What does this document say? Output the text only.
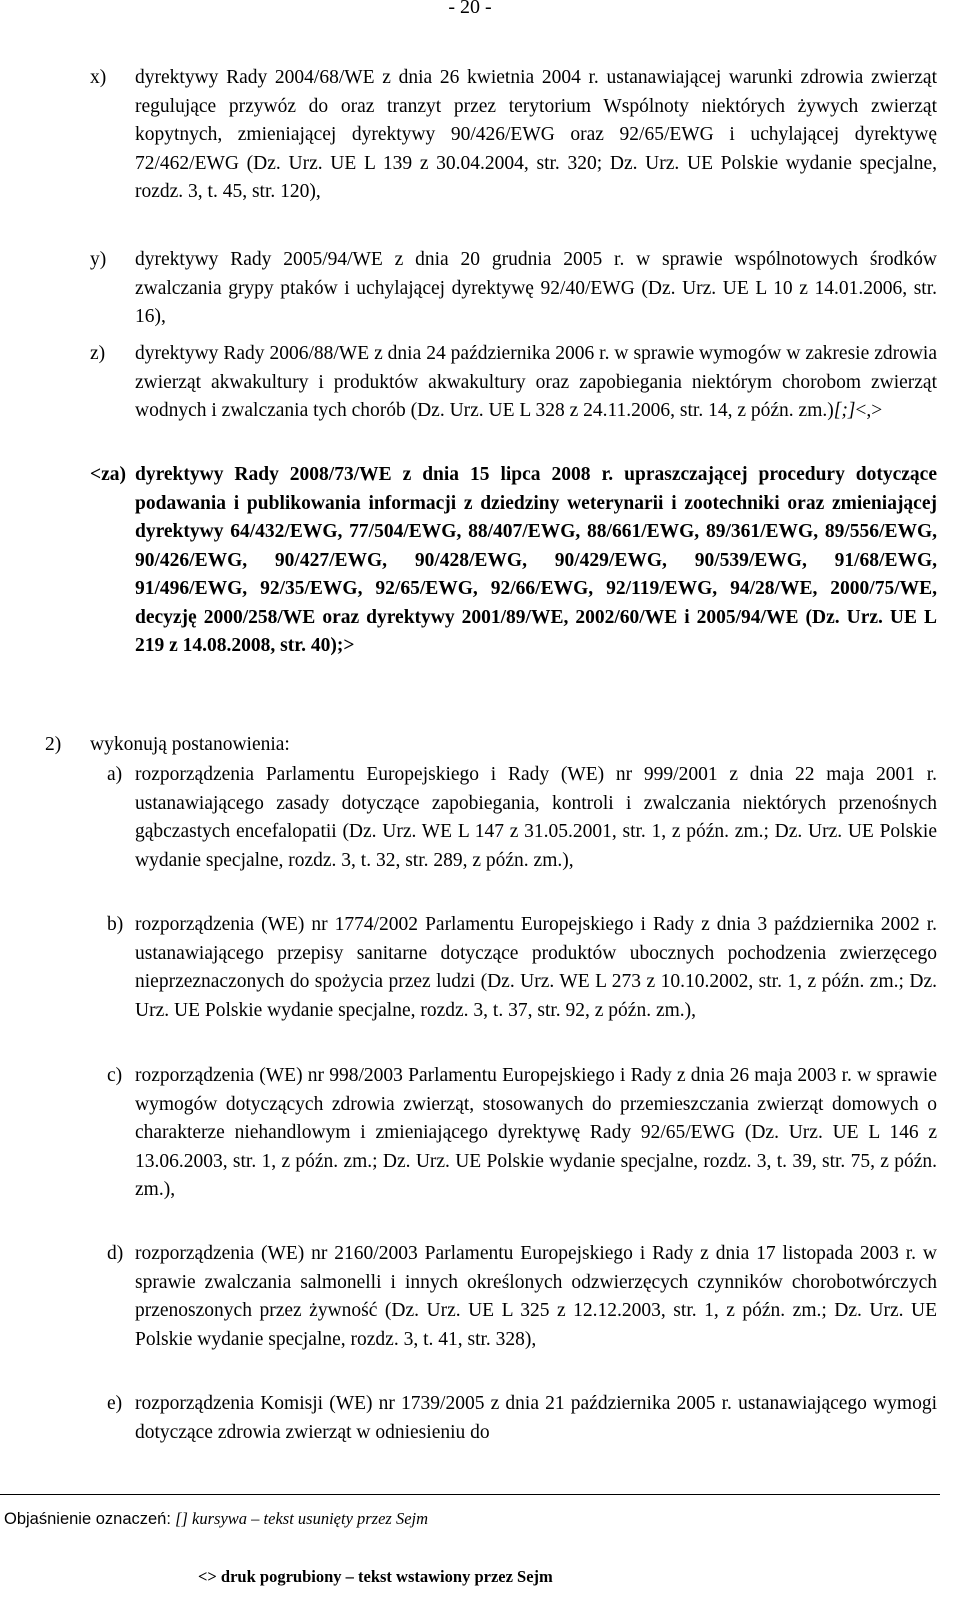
- 20 -
x) dyrektywy Rady 2004/68/WE z dnia 26 kwietnia 2004 r. ustanawiającej warunki zdrowia zwierząt regulujące przywóz do oraz tranzyt przez terytorium Wspólnoty niektórych żywych zwierząt kopytnych, zmieniającej dyrektywy 90/426/EWG oraz 92/65/EWG i uchylającej dyrektywę 72/462/EWG (Dz. Urz. UE L 139 z 30.04.2004, str. 320; Dz. Urz. UE Polskie wydanie specjalne, rozdz. 3, t. 45, str. 120),
y) dyrektywy Rady 2005/94/WE z dnia 20 grudnia 2005 r. w sprawie wspólnotowych środków zwalczania grypy ptaków i uchylającej dyrektywę 92/40/EWG (Dz. Urz. UE L 10 z 14.01.2006, str. 16),
z) dyrektywy Rady 2006/88/WE z dnia 24 października 2006 r. w sprawie wymogów w zakresie zdrowia zwierząt akwakultury i produktów akwakultury oraz zapobiegania niektórym chorobom zwierząt wodnych i zwalczania tych chorób (Dz. Urz. UE L 328 z 24.11.2006, str. 14, z późn. zm.)[;]<,>
<za) dyrektywy Rady 2008/73/WE z dnia 15 lipca 2008 r. upraszczającej procedury dotyczące podawania i publikowania informacji z dziedziny weterynarii i zootechniki oraz zmieniającej dyrektywy 64/432/EWG, 77/504/EWG, 88/407/EWG, 88/661/EWG, 89/361/EWG, 89/556/EWG, 90/426/EWG, 90/427/EWG, 90/428/EWG, 90/429/EWG, 90/539/EWG, 91/68/EWG, 91/496/EWG, 92/35/EWG, 92/65/EWG, 92/66/EWG, 92/119/EWG, 94/28/WE, 2000/75/WE, decyzję 2000/258/WE oraz dyrektywy 2001/89/WE, 2002/60/WE i 2005/94/WE (Dz. Urz. UE L 219 z 14.08.2008, str. 40);>
2) wykonują postanowienia:
a) rozporządzenia Parlamentu Europejskiego i Rady (WE) nr 999/2001 z dnia 22 maja 2001 r. ustanawiającego zasady dotyczące zapobiegania, kontroli i zwalczania niektórych przenośnych gąbczastych encefalopatii (Dz. Urz. WE L 147 z 31.05.2001, str. 1, z późn. zm.; Dz. Urz. UE Polskie wydanie specjalne, rozdz. 3, t. 32, str. 289, z późn. zm.),
b) rozporządzenia (WE) nr 1774/2002 Parlamentu Europejskiego i Rady z dnia 3 października 2002 r. ustanawiającego przepisy sanitarne dotyczące produktów ubocznych pochodzenia zwierzęcego nieprzeznaczonych do spożycia przez ludzi (Dz. Urz. WE L 273 z 10.10.2002, str. 1, z późn. zm.; Dz. Urz. UE Polskie wydanie specjalne, rozdz. 3, t. 37, str. 92, z późn. zm.),
c) rozporządzenia (WE) nr 998/2003 Parlamentu Europejskiego i Rady z dnia 26 maja 2003 r. w sprawie wymogów dotyczących zdrowia zwierząt, stosowanych do przemieszczania zwierząt domowych o charakterze niehandlowym i zmieniającego dyrektywę Rady 92/65/EWG (Dz. Urz. UE L 146 z 13.06.2003, str. 1, z późn. zm.; Dz. Urz. UE Polskie wydanie specjalne, rozdz. 3, t. 39, str. 75, z późn. zm.),
d) rozporządzenia (WE) nr 2160/2003 Parlamentu Europejskiego i Rady z dnia 17 listopada 2003 r. w sprawie zwalczania salmonelli i innych określonych odzwierzęcych czynników chorobotwórczych przenoszonych przez żywność (Dz. Urz. UE L 325 z 12.12.2003, str. 1, z późn. zm.; Dz. Urz. UE Polskie wydanie specjalne, rozdz. 3, t. 41, str. 328),
e) rozporządzenia Komisji (WE) nr 1739/2005 z dnia 21 października 2005 r. ustanawiającego wymogi dotyczące zdrowia zwierząt w odniesieniu do
Objaśnienie oznaczeń: [] kursywa – tekst usunięty przez Sejm
<> druk pogrubiony – tekst wstawiony przez Sejm
